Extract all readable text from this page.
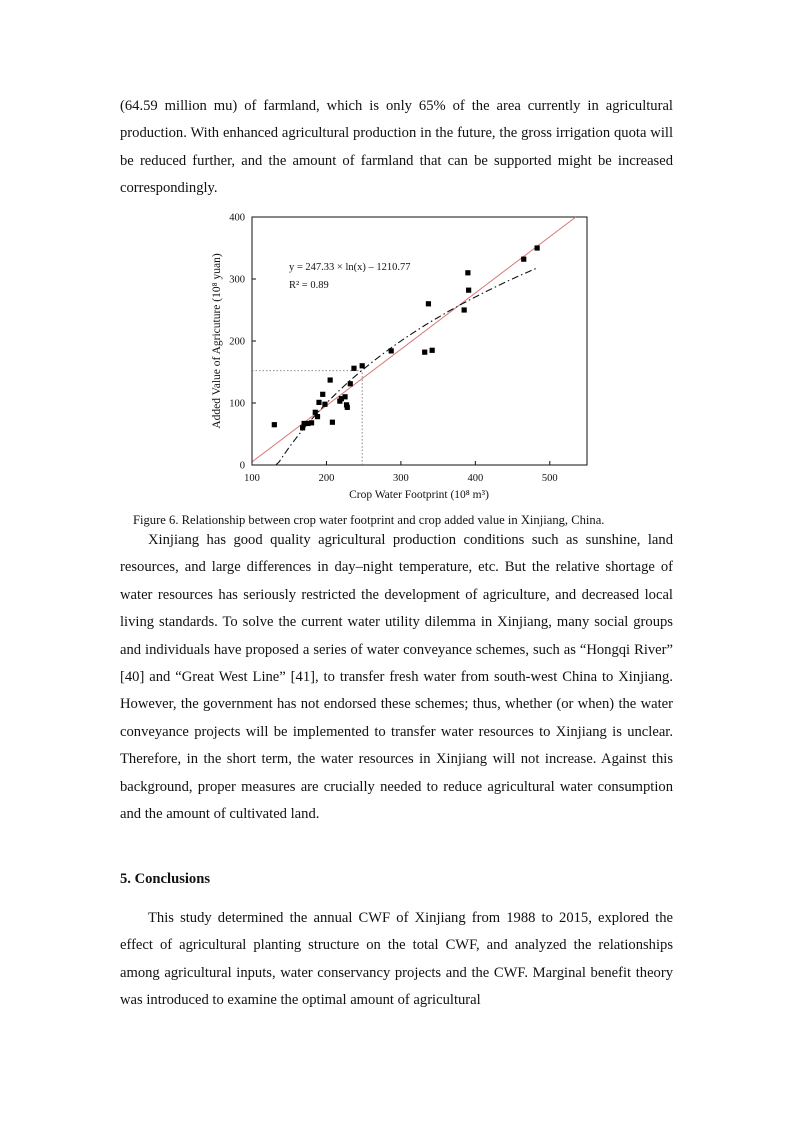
(64.59 million mu) of farmland, which is only 65% of the area currently in agricultural production. With enhanced agricultural production in the future, the gross irrigation quota will be reduced further, and the amount of farmland that can be supported might be increased correspondingly.

100	200	300	400	500
0
100
200
300
400
y = 247.33 × ln(x) – 1210.77
R² = 0.89
Crop Water Footprint (10⁸ m³)
Added Value of Agricuture (10⁸ yuan)
Figure 6. Relationship between crop water footprint and crop added value in Xinjiang, China.

Xinjiang has good quality agricultural production conditions such as sunshine, land resources, and large differences in day–night temperature, etc. But the relative shortage of water resources has seriously restricted the development of agriculture, and decreased local living standards. To solve the current water utility dilemma in Xinjiang, many social groups and individuals have proposed a series of water conveyance schemes, such as “Hongqi River” [40] and “Great West Line” [41], to transfer fresh water from south-west China to Xinjiang. However, the government has not endorsed these schemes; thus, whether (or when) the water conveyance projects will be implemented to transfer water resources to Xinjiang is unclear. Therefore, in the short term, the water resources in Xinjiang will not increase. Against this background, proper measures are crucially needed to reduce agricultural water consumption and the amount of cultivated land.

5. Conclusions

This study determined the annual CWF of Xinjiang from 1988 to 2015, explored the effect of agricultural planting structure on the total CWF, and analyzed the relationships among agricultural inputs, water conservancy projects and the CWF. Marginal benefit theory was introduced to examine the optimal amount of agricultural
